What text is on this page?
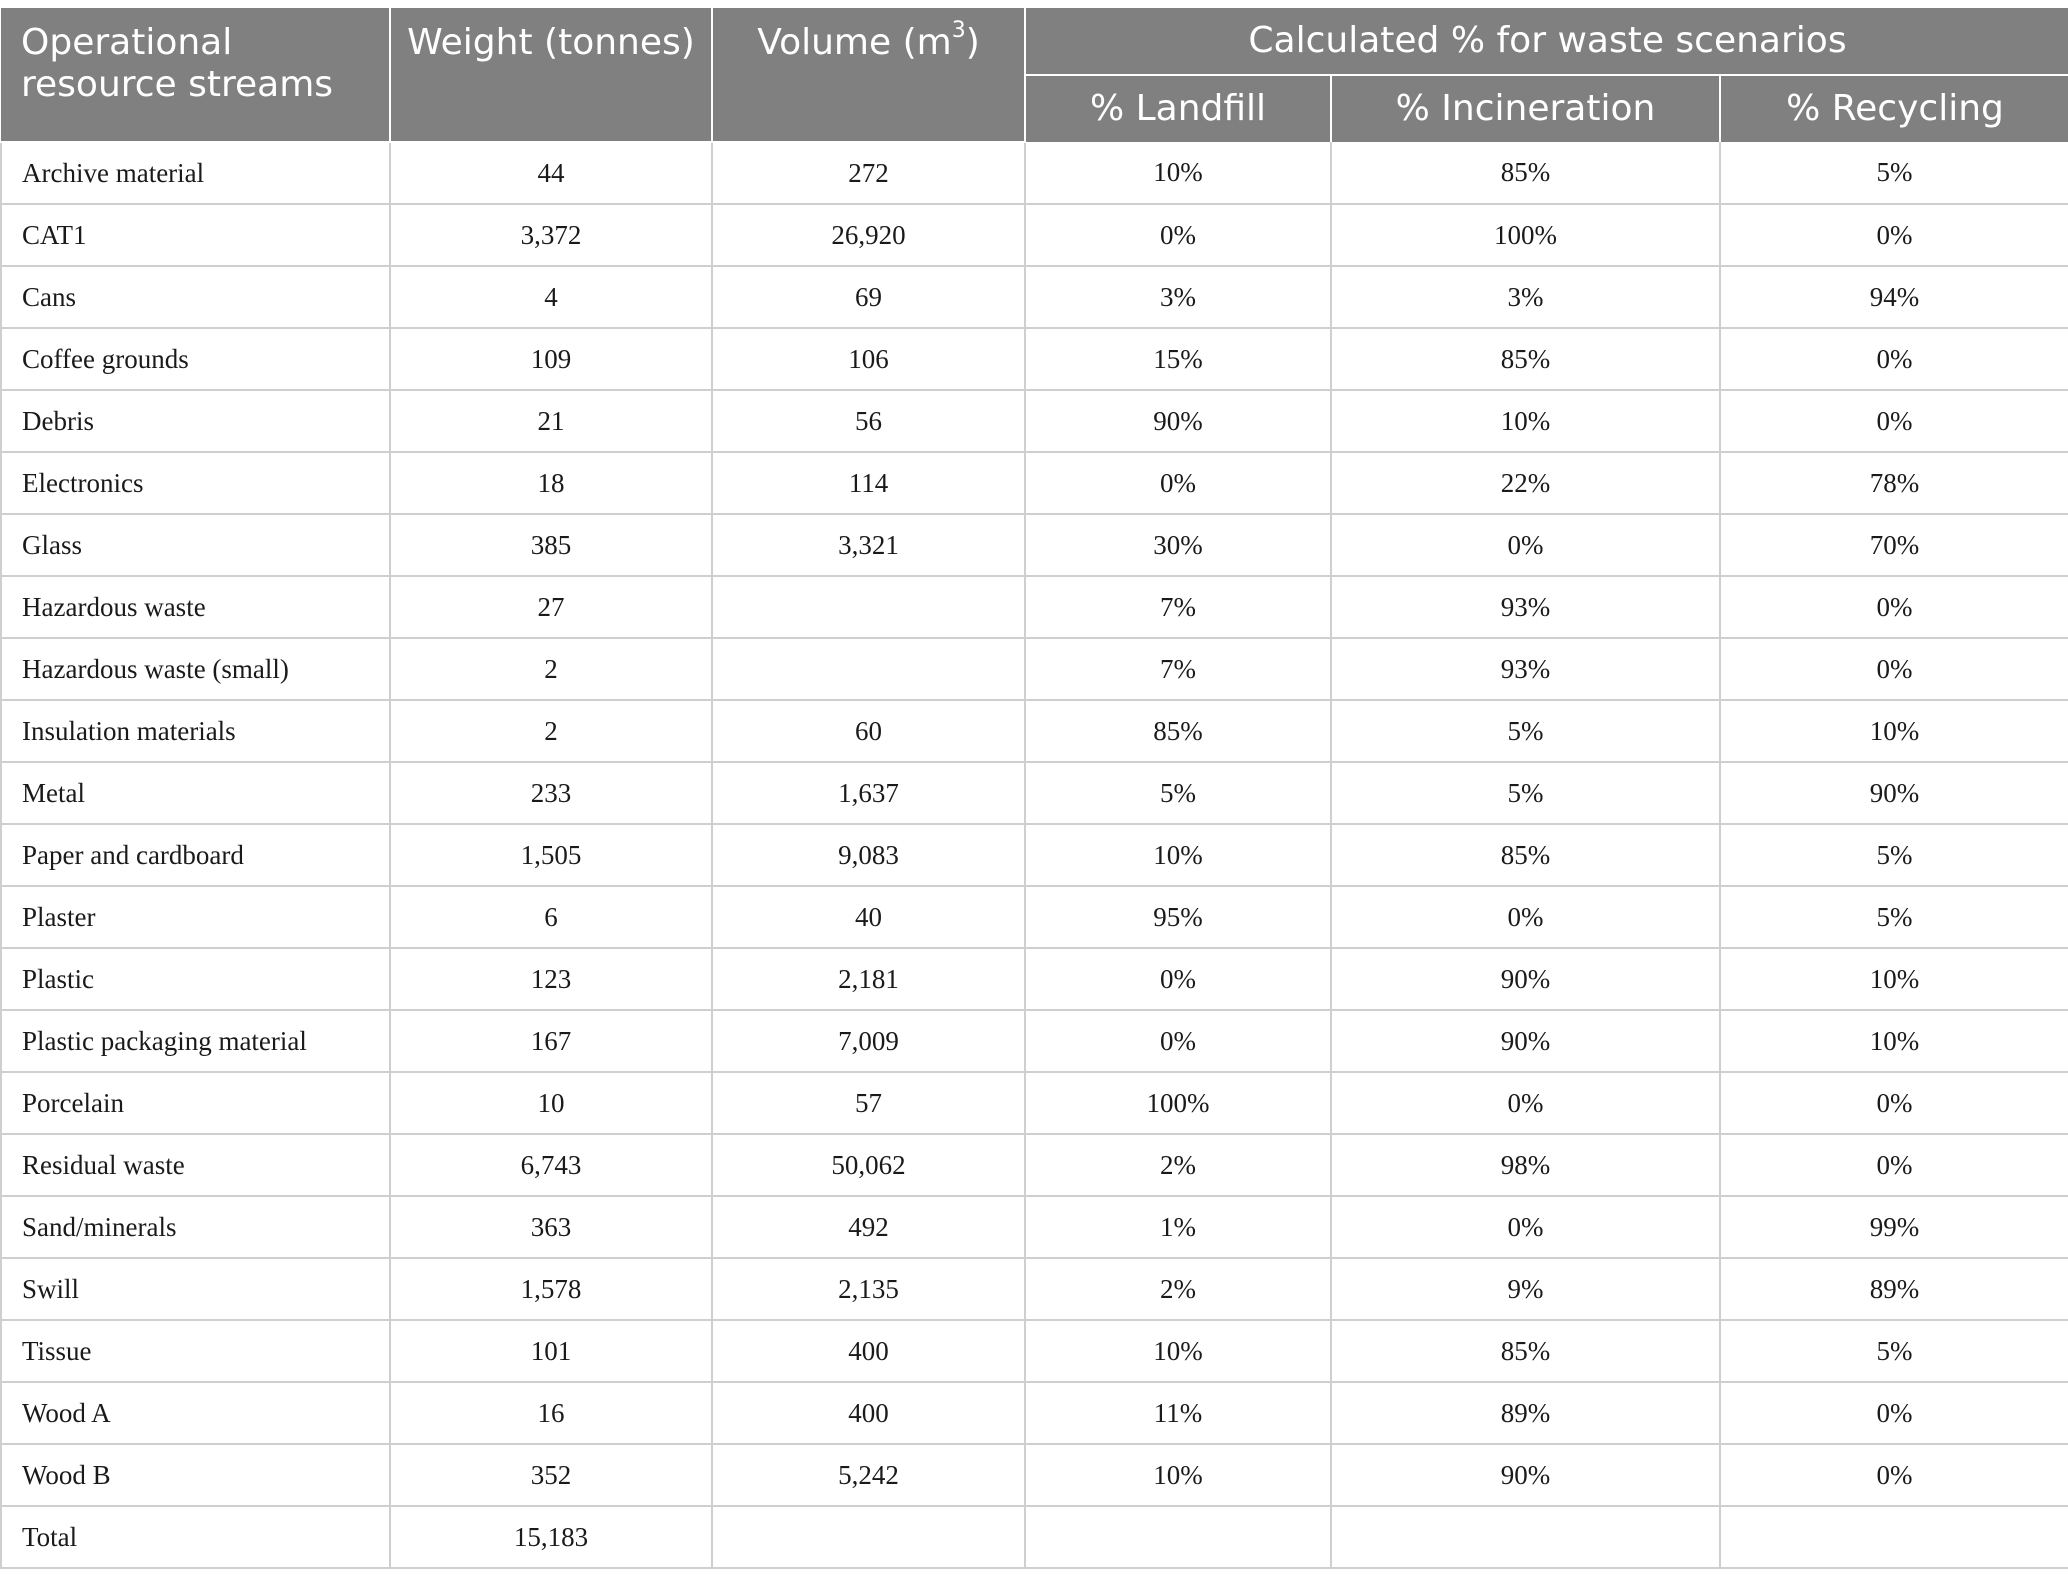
Operational resource streams	Weight (tonnes)	Volume $(m^3)$	Calculated % for waste scenarios		
			% Landfill	% Incineration	% Recycling
Archive material	44	272	10%	85%	5%
CAT1	3,372	26,920	0%	100%	0%
Cans	4	69	3%	3%	94%
Coffee grounds	109	106	15%	85%	0%
Debris	21	56	90%	10%	0%
Electronics	18	114	0%	22%	78%
Glass	385	3,321	30%	0%	70%
Hazardous waste	27		7%	93%	0%
Hazardous waste (small)	2		7%	93%	0%
Insulation materials	2	60	85%	5%	10%
Metal	233	1,637	5%	5%	90%
Paper and cardboard	1,505	9,083	10%	85%	5%
Plaster	6	40	95%	0%	5%
Plastic	123	2,181	0%	90%	10%
Plastic packaging material	167	7,009	0%	90%	10%
Porcelain	10	57	100%	0%	0%
Residual waste	6,743	50,062	2%	98%	0%
Sand/minerals	363	492	1%	0%	99%
Swill	1,578	2,135	2%	9%	89%
Tissue	101	400	10%	85%	5%
Wood A	16	400	11%	89%	0%
Wood B	352	5,242	10%	90%	0%
Total	15,183				
